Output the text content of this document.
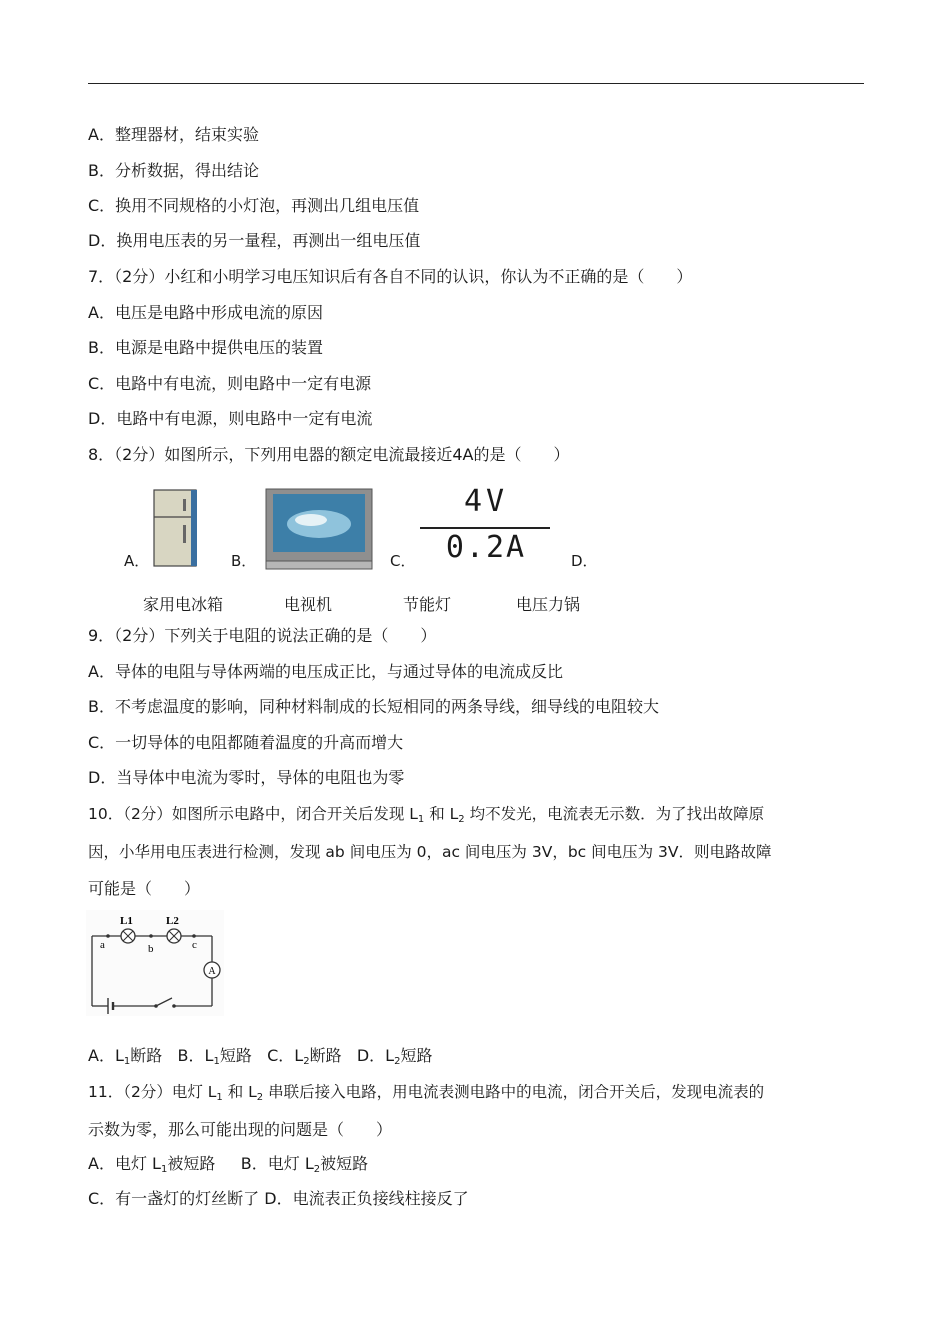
A．整理器材，结束实验
B．分析数据，得出结论
C．换用不同规格的小灯泡，再测出几组电压值
D．换用电压表的另一量程，再测出一组电压值
7．（2分）小红和小明学习电压知识后有各自不同的认识，你认为不正确的是（　　）
A．电压是电路中形成电流的原因
B．电源是电路中提供电压的装置
C．电路中有电流，则电路中一定有电源
D．电路中有电源，则电路中一定有电流
8．（2分）如图所示，下列用电器的额定电流最接近4A的是（　　）
A．	B．	C．
4V
0.2A	D．
家用电冰箱	电视机	节能灯	电压力锅
9．（2分）下列关于电阻的说法正确的是（　　）
A．导体的电阻与导体两端的电压成正比，与通过导体的电流成反比
B．不考虑温度的影响，同种材料制成的长短相同的两条导线，细导线的电阻较大
C．一切导体的电阻都随着温度的升高而增大
D．当导体中电流为零时，导体的电阻也为零
10．（2分）如图所示电路中，闭合开关后发现 $L_1$ 和 $L_2$ 均不发光，电流表无示数．为了找出故障原
因，小华用电压表进行检测，发现 ab 间电压为 0，ac 间电压为 3V，bc 间电压为 3V．则电路故障
可能是（　　）
A
L1	L2
a	b	c
A．$L_1$断路 B．$L_1$短路 C．$L_2$断路 D．$L_2$短路
11．（2分）电灯 $L_1$ 和 $L_2$ 串联后接入电路，用电流表测电路中的电流，闭合开关后，发现电流表的
示数为零，那么可能出现的问题是（　　）
A．电灯 $L_1$被短路 B．电灯 $L_2$被短路
C．有一盏灯的灯丝断了 D．电流表正负接线柱接反了
